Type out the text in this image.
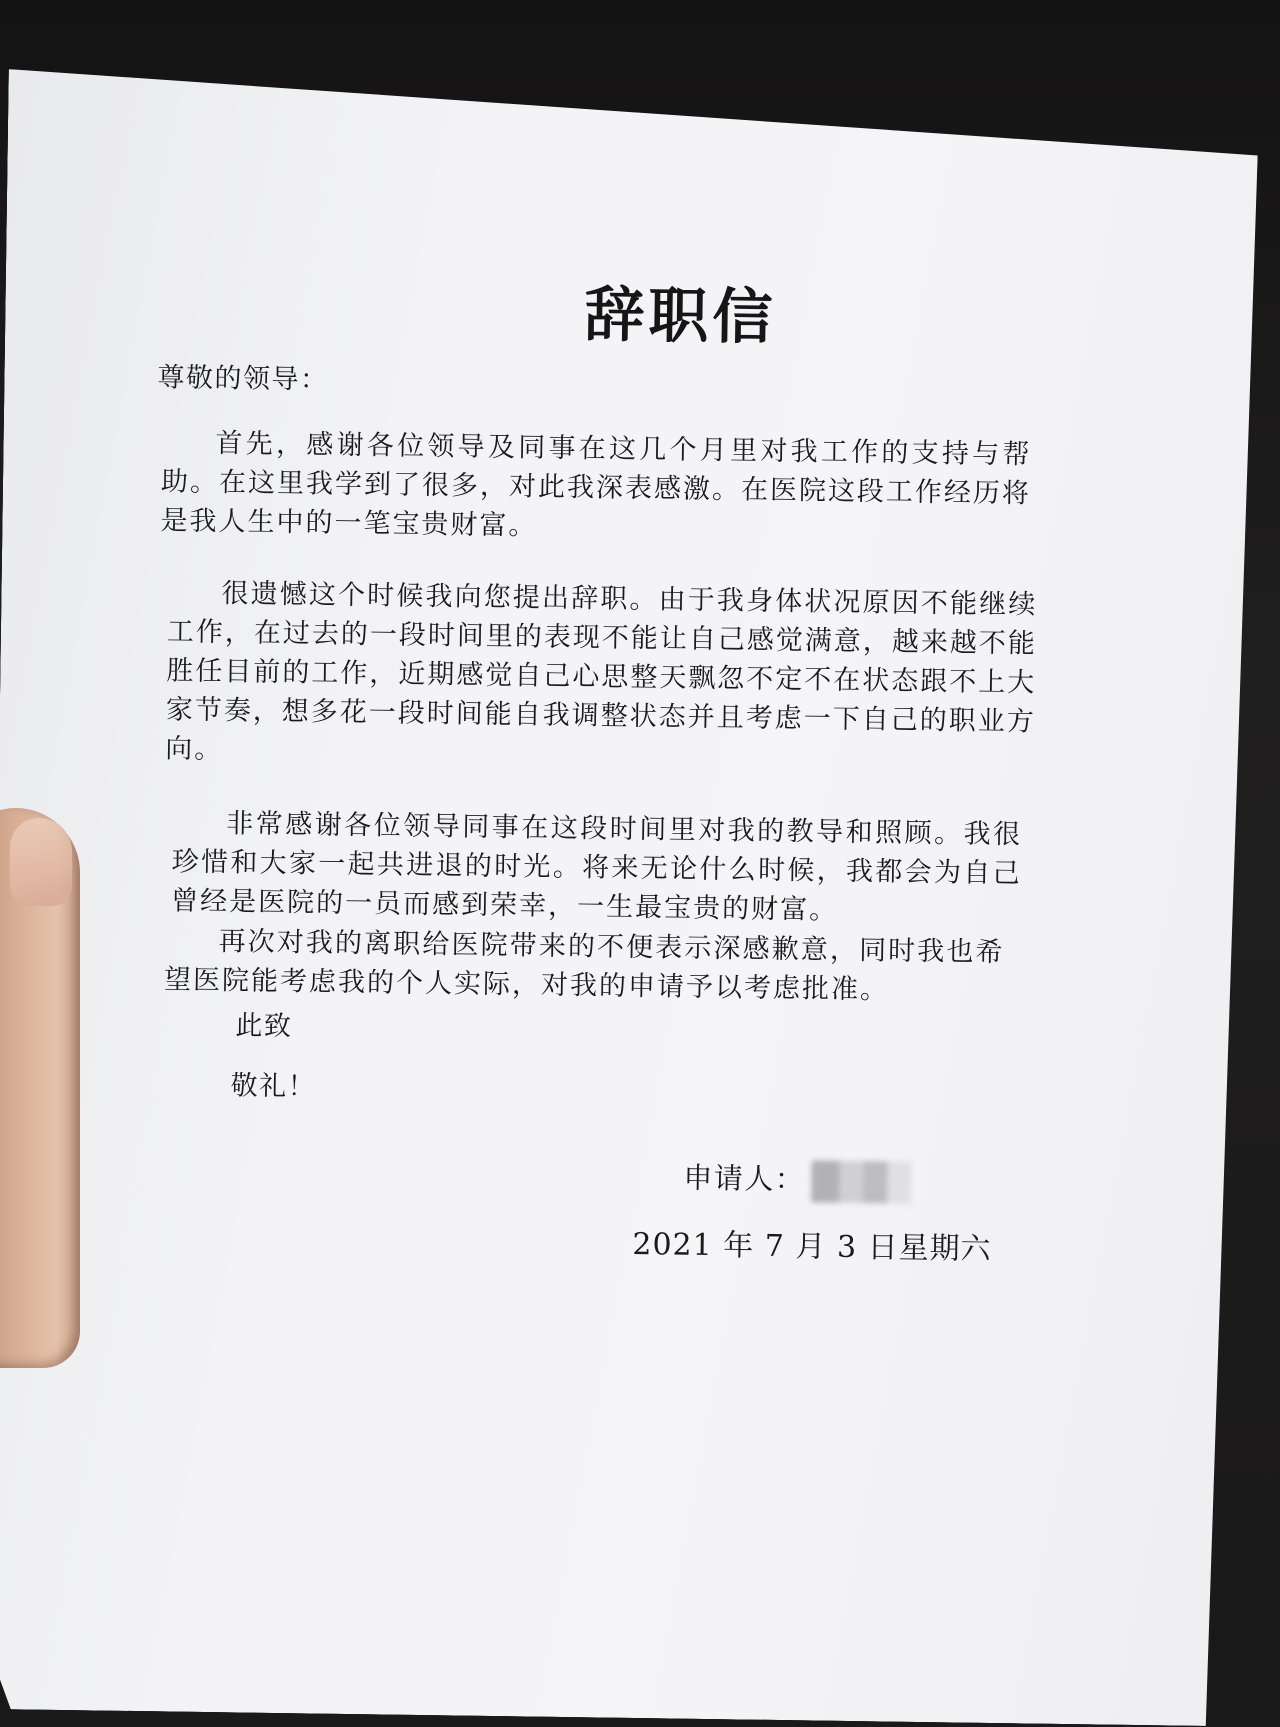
辞职信
尊敬的领导：
首先，感谢各位领导及同事在这几个月里对我工作的支持与帮助。在这里我学到了很多，对此我深表感激。在医院这段工作经历将是我人生中的一笔宝贵财富。
很遗憾这个时候我向您提出辞职。由于我身体状况原因不能继续工作，在过去的一段时间里的表现不能让自己感觉满意，越来越不能胜任目前的工作，近期感觉自己心思整天飘忽不定不在状态跟不上大家节奏，想多花一段时间能自我调整状态并且考虑一下自己的职业方向。
非常感谢各位领导同事在这段时间里对我的教导和照顾。我很珍惜和大家一起共进退的时光。将来无论什么时候，我都会为自己曾经是医院的一员而感到荣幸，一生最宝贵的财富。
再次对我的离职给医院带来的不便表示深感歉意，同时我也希望医院能考虑我的个人实际，对我的申请予以考虑批准。
此致
敬礼！
申请人：
2021 年 7 月 3 日星期六
